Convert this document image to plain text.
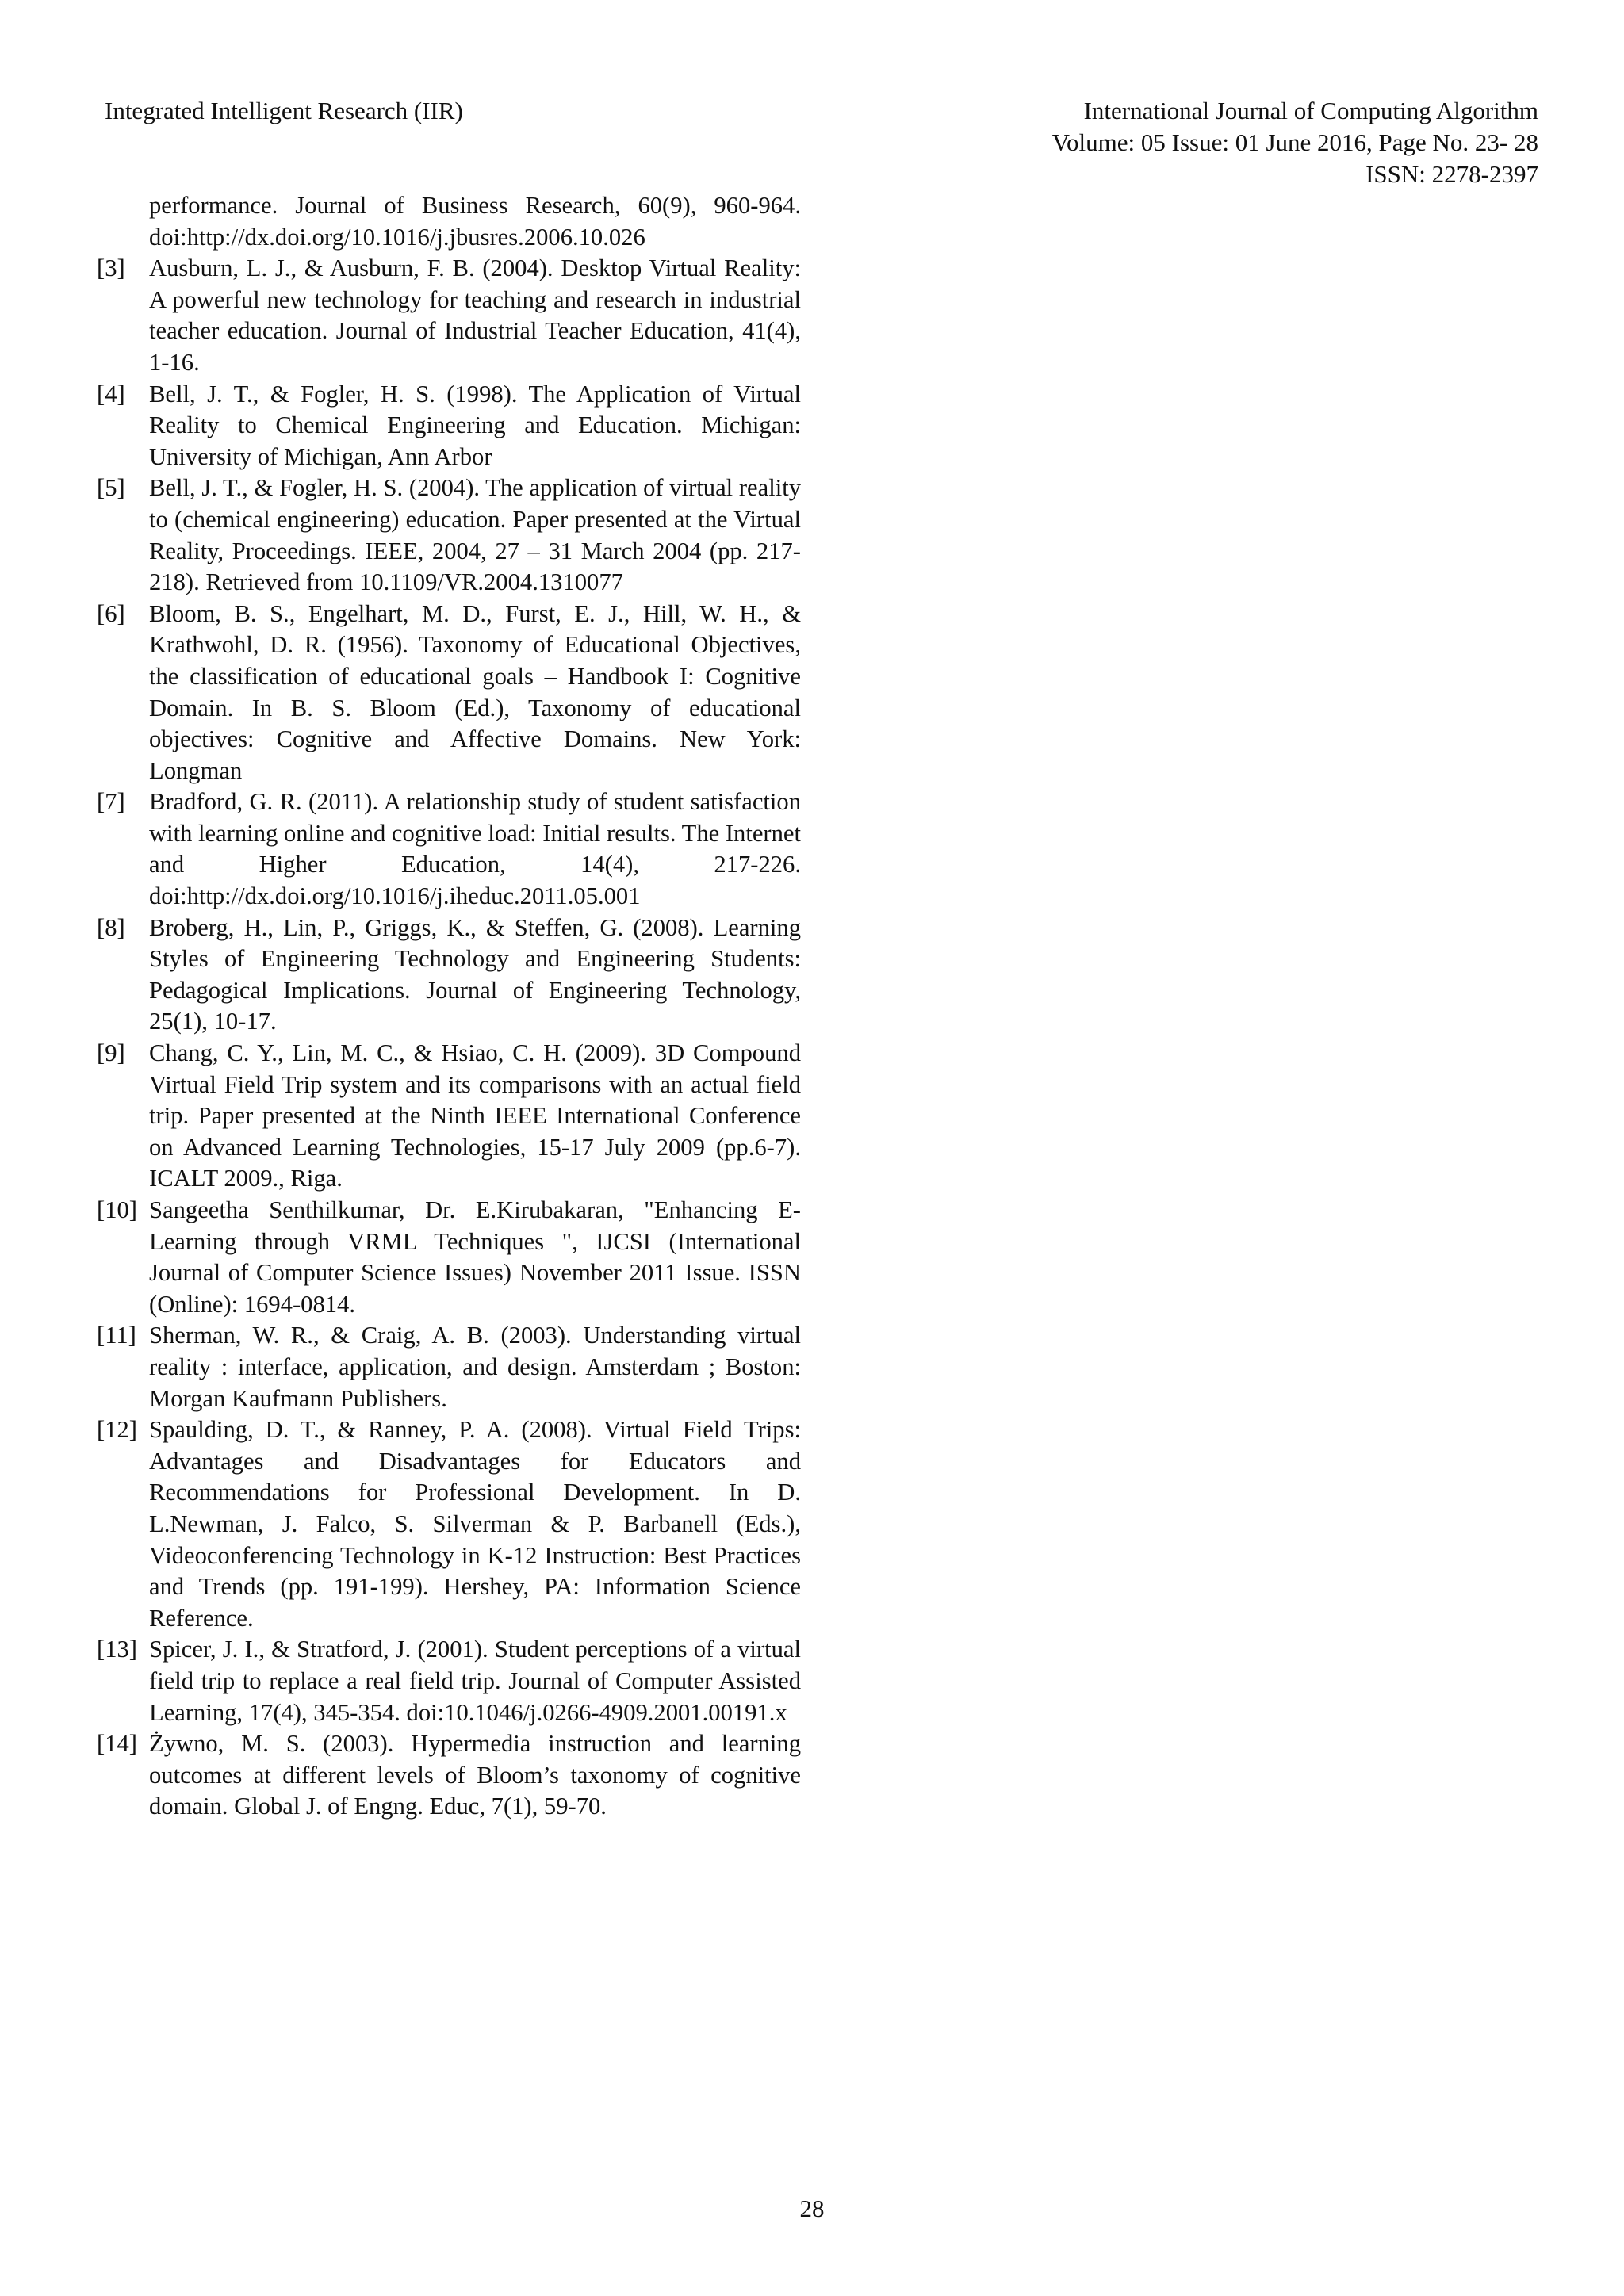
Integrated Intelligent Research (IIR)	International Journal of Computing Algorithm
Volume: 05 Issue: 01 June 2016, Page No. 23- 28
ISSN: 2278-2397
performance. Journal of Business Research, 60(9), 960-964. doi:http://dx.doi.org/10.1016/j.jbusres.2006.10.026
[3] Ausburn, L. J., & Ausburn, F. B. (2004). Desktop Virtual Reality: A powerful new technology for teaching and research in industrial teacher education. Journal of Industrial Teacher Education, 41(4), 1-16.
[4] Bell, J. T., & Fogler, H. S. (1998). The Application of Virtual Reality to Chemical Engineering and Education. Michigan: University of Michigan, Ann Arbor
[5] Bell, J. T., & Fogler, H. S. (2004). The application of virtual reality to (chemical engineering) education. Paper presented at the Virtual Reality, Proceedings. IEEE, 2004, 27 – 31 March 2004 (pp. 217-218). Retrieved from 10.1109/VR.2004.1310077
[6] Bloom, B. S., Engelhart, M. D., Furst, E. J., Hill, W. H., & Krathwohl, D. R. (1956). Taxonomy of Educational Objectives, the classification of educational goals – Handbook I: Cognitive Domain. In B. S. Bloom (Ed.), Taxonomy of educational objectives: Cognitive and Affective Domains. New York: Longman
[7] Bradford, G. R. (2011). A relationship study of student satisfaction with learning online and cognitive load: Initial results. The Internet and Higher Education, 14(4), 217-226. doi:http://dx.doi.org/10.1016/j.iheduc.2011.05.001
[8] Broberg, H., Lin, P., Griggs, K., & Steffen, G. (2008). Learning Styles of Engineering Technology and Engineering Students: Pedagogical Implications. Journal of Engineering Technology, 25(1), 10-17.
[9] Chang, C. Y., Lin, M. C., & Hsiao, C. H. (2009). 3D Compound Virtual Field Trip system and its comparisons with an actual field trip. Paper presented at the Ninth IEEE International Conference on Advanced Learning Technologies, 15-17 July 2009 (pp.6-7). ICALT 2009., Riga.
[10] Sangeetha Senthilkumar, Dr. E.Kirubakaran, "Enhancing E-Learning through VRML Techniques ", IJCSI (International Journal of Computer Science Issues) November 2011 Issue. ISSN (Online): 1694-0814.
[11] Sherman, W. R., & Craig, A. B. (2003). Understanding virtual reality : interface, application, and design. Amsterdam ; Boston: Morgan Kaufmann Publishers.
[12] Spaulding, D. T., & Ranney, P. A. (2008). Virtual Field Trips: Advantages and Disadvantages for Educators and Recommendations for Professional Development. In D. L.Newman, J. Falco, S. Silverman & P. Barbanell (Eds.), Videoconferencing Technology in K-12 Instruction: Best Practices and Trends (pp. 191-199). Hershey, PA: Information Science Reference.
[13] Spicer, J. I., & Stratford, J. (2001). Student perceptions of a virtual field trip to replace a real field trip. Journal of Computer Assisted Learning, 17(4), 345-354. doi:10.1046/j.0266-4909.2001.00191.x
[14] Żywno, M. S. (2003). Hypermedia instruction and learning outcomes at different levels of Bloom’s taxonomy of cognitive domain. Global J. of Engng. Educ, 7(1), 59-70.
28
